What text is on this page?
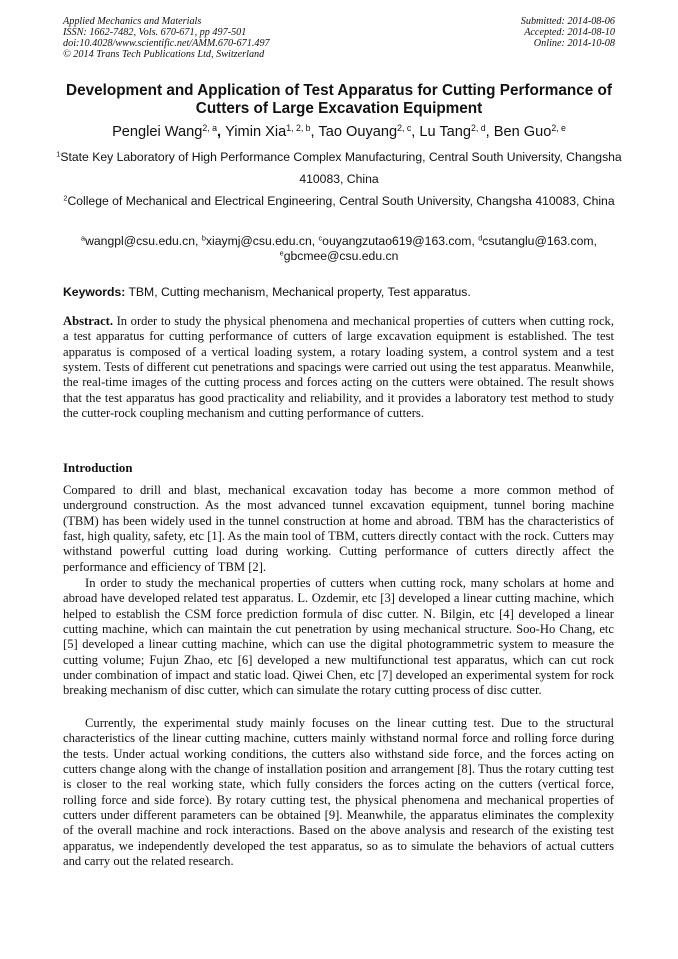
Applied Mechanics and Materials
ISSN: 1662-7482, Vols. 670-671, pp 497-501
doi:10.4028/www.scientific.net/AMM.670-671.497
© 2014 Trans Tech Publications Ltd, Switzerland
Submitted: 2014-08-06
Accepted: 2014-08-10
Online: 2014-10-08
Development and Application of Test Apparatus for Cutting Performance of Cutters of Large Excavation Equipment
Penglei Wang$^{2, a}$, Yimin Xia$^{1, 2, b}$, Tao Ouyang$^{2, c}$, Lu Tang$^{2, d}$, Ben Guo$^{2, e}$
$^1$State Key Laboratory of High Performance Complex Manufacturing, Central South University, Changsha 410083, China
$^2$College of Mechanical and Electrical Engineering, Central South University, Changsha 410083, China
$^a$wangpl@csu.edu.cn, $^b$xiaymj@csu.edu.cn, $^c$ouyangzutao619@163.com, $^d$csutanglu@163.com,
$^e$gbcmee@csu.edu.cn
Keywords: TBM, Cutting mechanism, Mechanical property, Test apparatus.
Abstract. In order to study the physical phenomena and mechanical properties of cutters when cutting rock, a test apparatus for cutting performance of cutters of large excavation equipment is established. The test apparatus is composed of a vertical loading system, a rotary loading system, a control system and a test system. Tests of different cut penetrations and spacings were carried out using the test apparatus. Meanwhile, the real-time images of the cutting process and forces acting on the cutters were obtained. The result shows that the test apparatus has good practicality and reliability, and it provides a laboratory test method to study the cutter-rock coupling mechanism and cutting performance of cutters.
Introduction
Compared to drill and blast, mechanical excavation today has become a more common method of underground construction. As the most advanced tunnel excavation equipment, tunnel boring machine (TBM) has been widely used in the tunnel construction at home and abroad. TBM has the characteristics of fast, high quality, safety, etc [1]. As the main tool of TBM, cutters directly contact with the rock. Cutters may withstand powerful cutting load during working. Cutting performance of cutters directly affect the performance and efficiency of TBM [2].
In order to study the mechanical properties of cutters when cutting rock, many scholars at home and abroad have developed related test apparatus. L. Ozdemir, etc [3] developed a linear cutting machine, which helped to establish the CSM force prediction formula of disc cutter. N. Bilgin, etc [4] developed a linear cutting machine, which can maintain the cut penetration by using mechanical structure. Soo-Ho Chang, etc [5] developed a linear cutting machine, which can use the digital photogrammetric system to measure the cutting volume; Fujun Zhao, etc [6] developed a new multifunctional test apparatus, which can cut rock under combination of impact and static load. Qiwei Chen, etc [7] developed an experimental system for rock breaking mechanism of disc cutter, which can simulate the rotary cutting process of disc cutter.
Currently, the experimental study mainly focuses on the linear cutting test. Due to the structural characteristics of the linear cutting machine, cutters mainly withstand normal force and rolling force during the tests. Under actual working conditions, the cutters also withstand side force, and the forces acting on cutters change along with the change of installation position and arrangement [8]. Thus the rotary cutting test is closer to the real working state, which fully considers the forces acting on the cutters (vertical force, rolling force and side force). By rotary cutting test, the physical phenomena and mechanical properties of cutters under different parameters can be obtained [9]. Meanwhile, the apparatus eliminates the complexity of the overall machine and rock interactions. Based on the above analysis and research of the existing test apparatus, we independently developed the test apparatus, so as to simulate the behaviors of actual cutters and carry out the related research.
